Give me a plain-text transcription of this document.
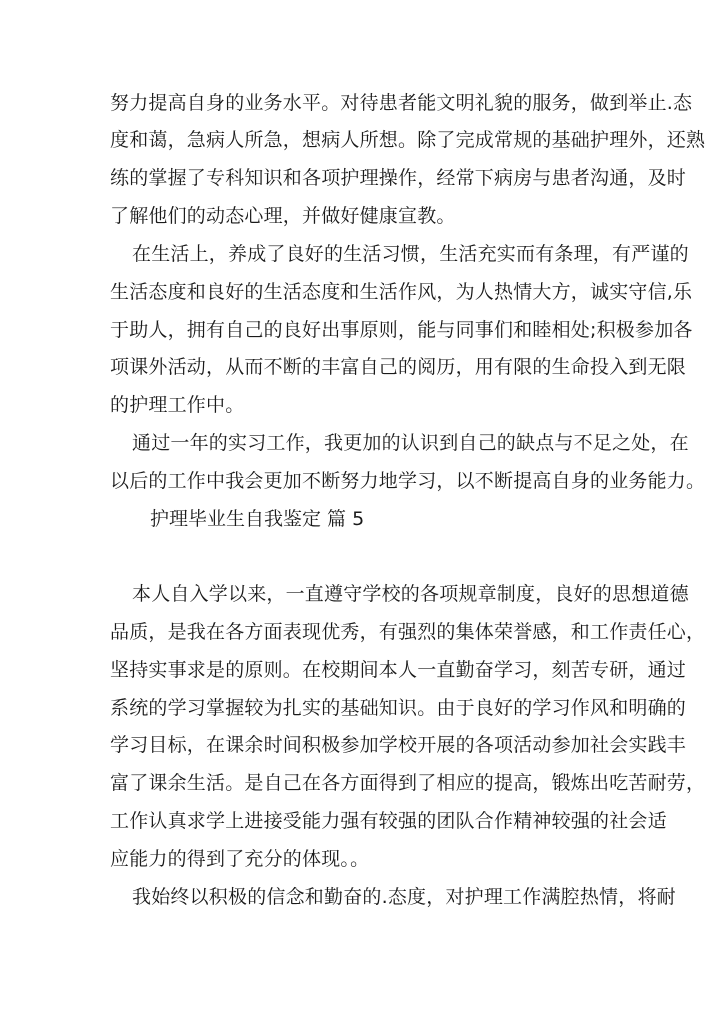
努力提高自身的业务水平。对待患者能文明礼貌的服务，做到举止.态
度和蔼，急病人所急，想病人所想。除了完成常规的基础护理外，还熟
练的掌握了专科知识和各项护理操作，经常下病房与患者沟通，及时
了解他们的动态心理，并做好健康宣教。
在生活上，养成了良好的生活习惯，生活充实而有条理，有严谨的
生活态度和良好的生活态度和生活作风，为人热情大方，诚实守信,乐
于助人，拥有自己的良好出事原则，能与同事们和睦相处;积极参加各
项课外活动，从而不断的丰富自己的阅历，用有限的生命投入到无限
的护理工作中。
通过一年的实习工作，我更加的认识到自己的缺点与不足之处，在
以后的工作中我会更加不断努力地学习，以不断提高自身的业务能力。
护理毕业生自我鉴定 篇 5
本人自入学以来，一直遵守学校的各项规章制度，良好的思想道德
品质，是我在各方面表现优秀，有强烈的集体荣誉感，和工作责任心，
坚持实事求是的原则。在校期间本人一直勤奋学习，刻苦专研，通过
系统的学习掌握较为扎实的基础知识。由于良好的学习作风和明确的
学习目标，在课余时间积极参加学校开展的各项活动参加社会实践丰
富了课余生活。是自己在各方面得到了相应的提高，锻炼出吃苦耐劳，
工作认真求学上进接受能力强有较强的团队合作精神较强的社会适
应能力的得到了充分的体现。。
我始终以积极的信念和勤奋的.态度，对护理工作满腔热情，将耐
